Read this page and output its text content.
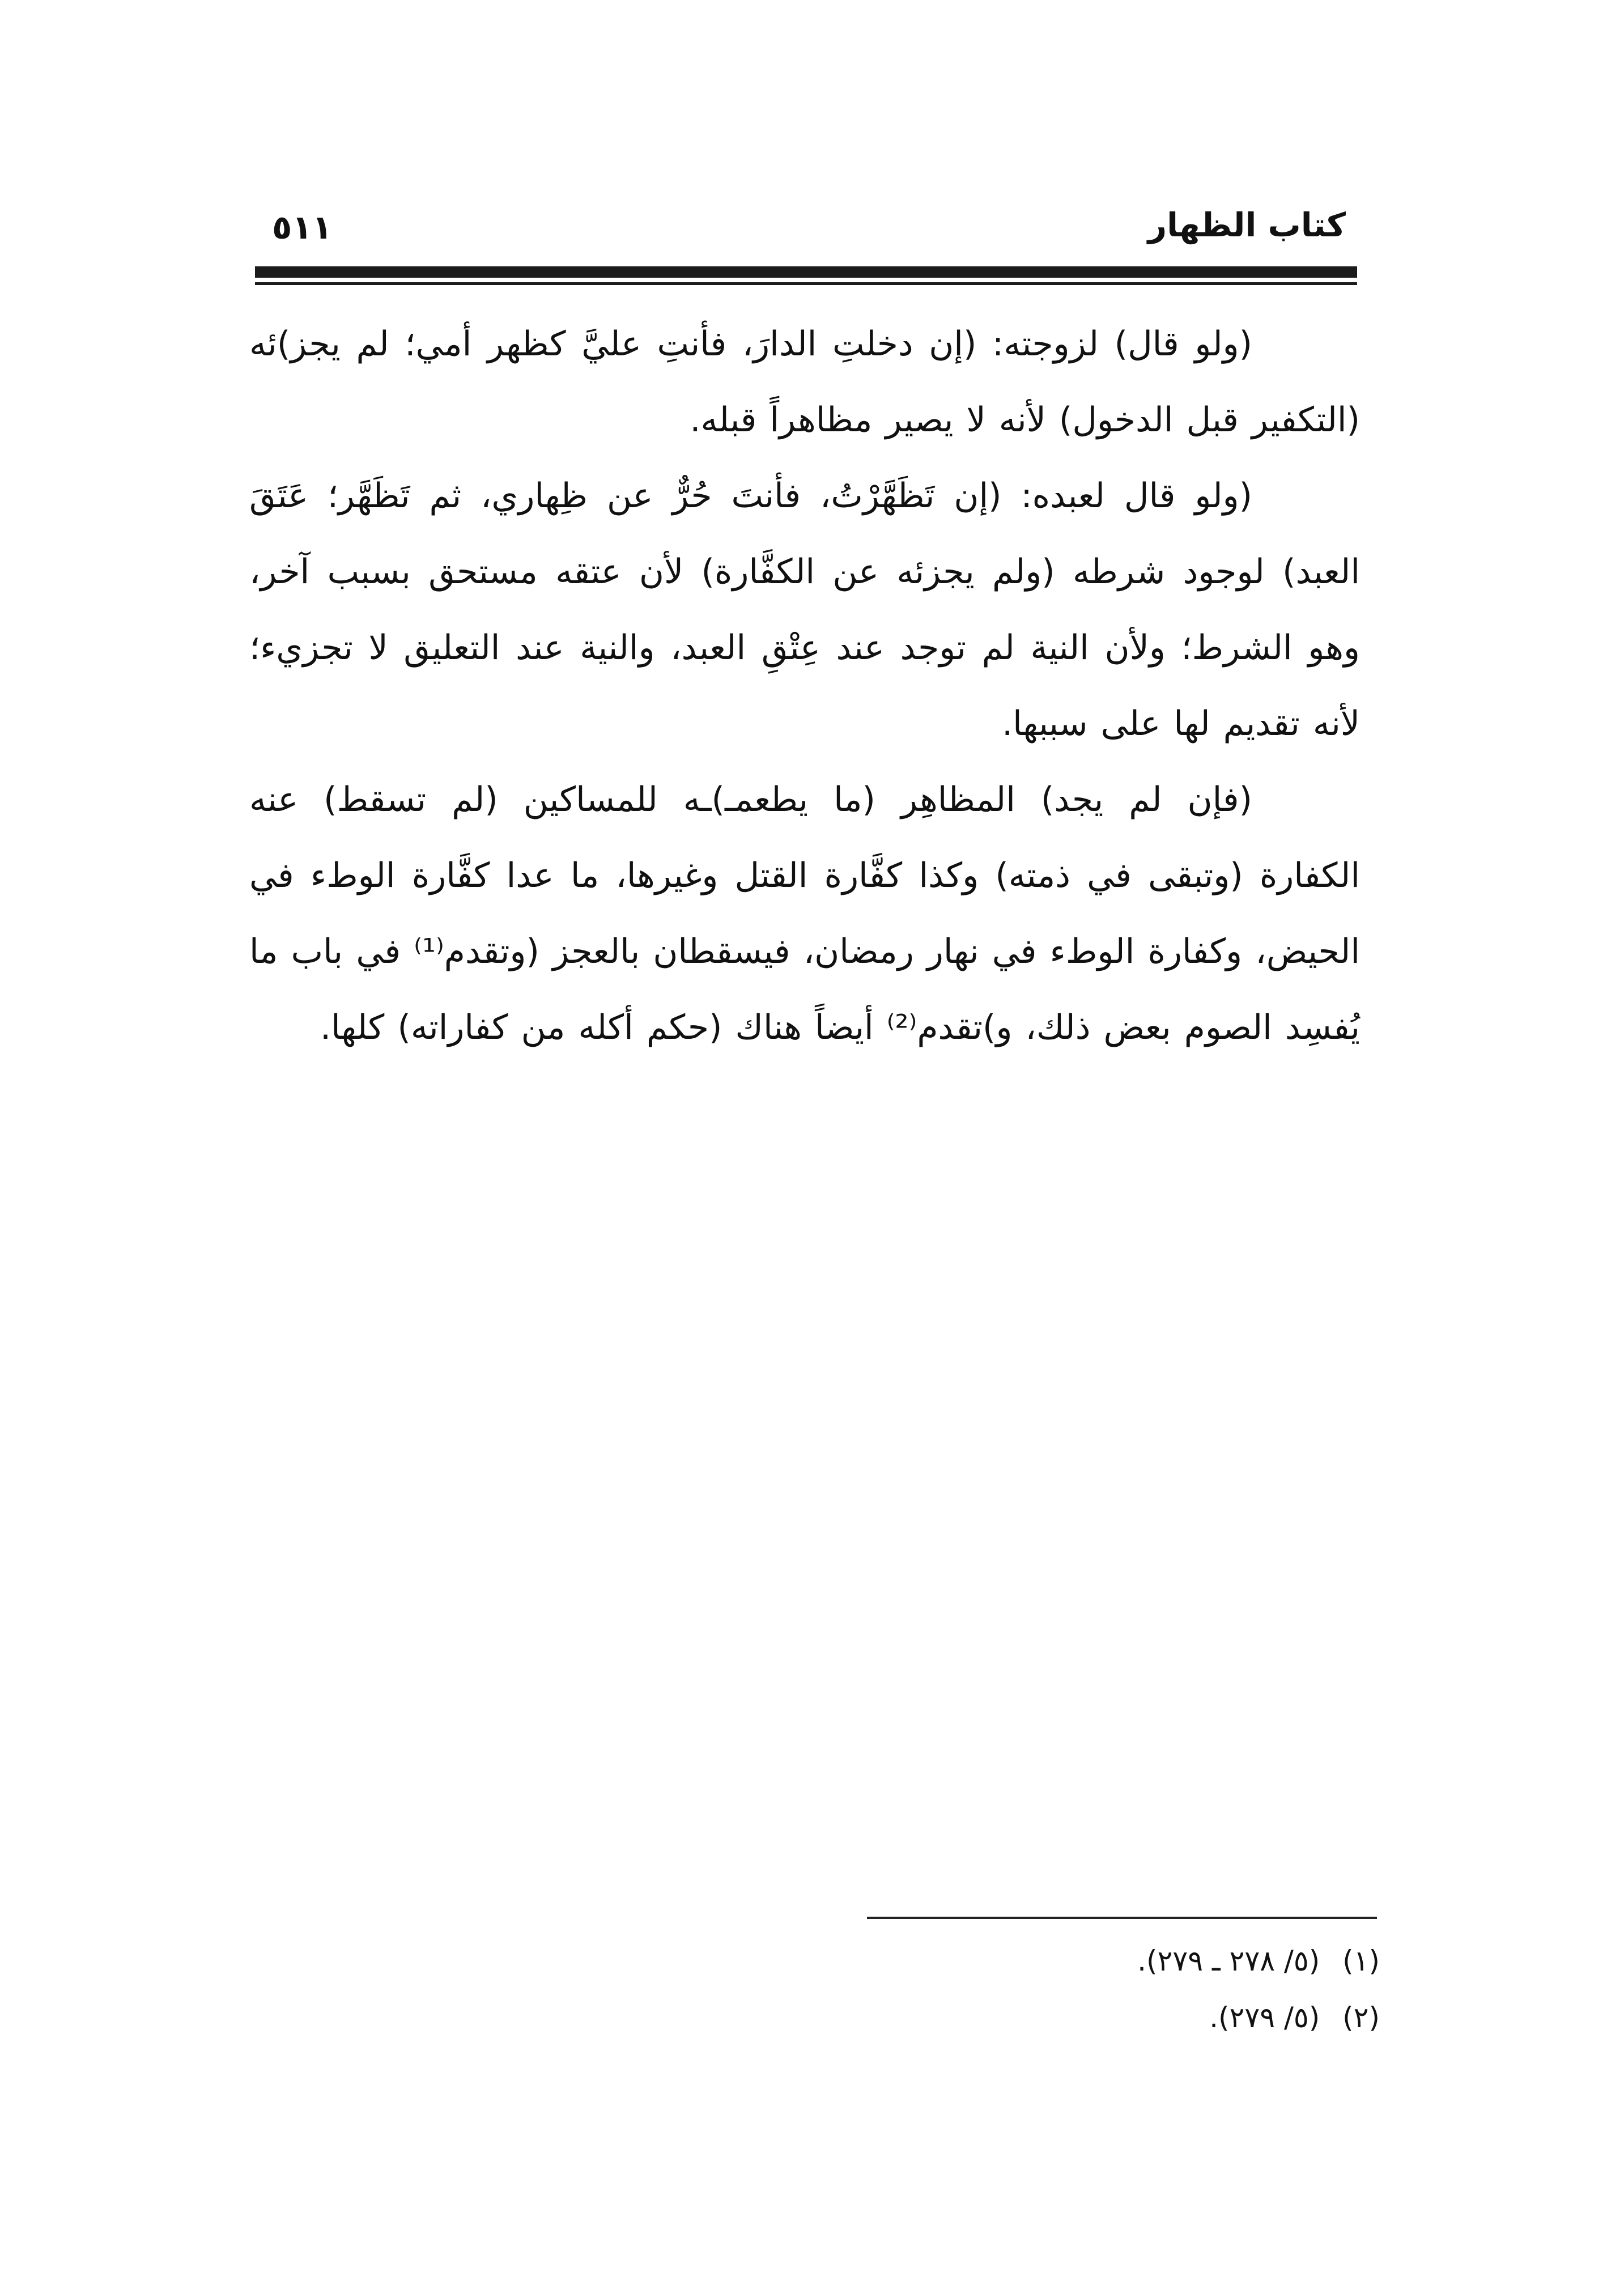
كتاب الظهار
٥١١

(ولو قال) لزوجته: (إن دخلتِ الدارَ، فأنتِ عليَّ كظهر أمي؛ لم يجز)ئه (التكفير قبل الدخول) لأنه لا يصير مظاهراً قبله.

(ولو قال لعبده: (إن تَظَهَّرْتُ، فأنتَ حُرٌّ عن ظِهاري، ثم تَظَهَّر؛ عَتَقَ العبد) لوجود شرطه (ولم يجزئه عن الكفَّارة) لأن عتقه مستحق بسبب آخر، وهو الشرط؛ ولأن النية لم توجد عند عِتْقِ العبد، والنية عند التعليق لا تجزيء؛ لأنه تقديم لها على سببها.

(فإن لم يجد) المظاهِر (ما يطعمـ)ـه للمساكين (لم تسقط) عنه الكفارة (وتبقى في ذمته) وكذا كفَّارة القتل وغيرها، ما عدا كفَّارة الوطء في الحيض، وكفارة الوطء في نهار رمضان، فيسقطان بالعجز (وتقدم⁽¹⁾ في باب ما يُفسِد الصوم بعض ذلك، و)تقدم⁽²⁾ أيضاً هناك (حكم أكله من كفاراته) كلها.

(١) (٥/ ٢٧٨ ـ ٢٧٩).
(٢) (٥/ ٢٧٩).
